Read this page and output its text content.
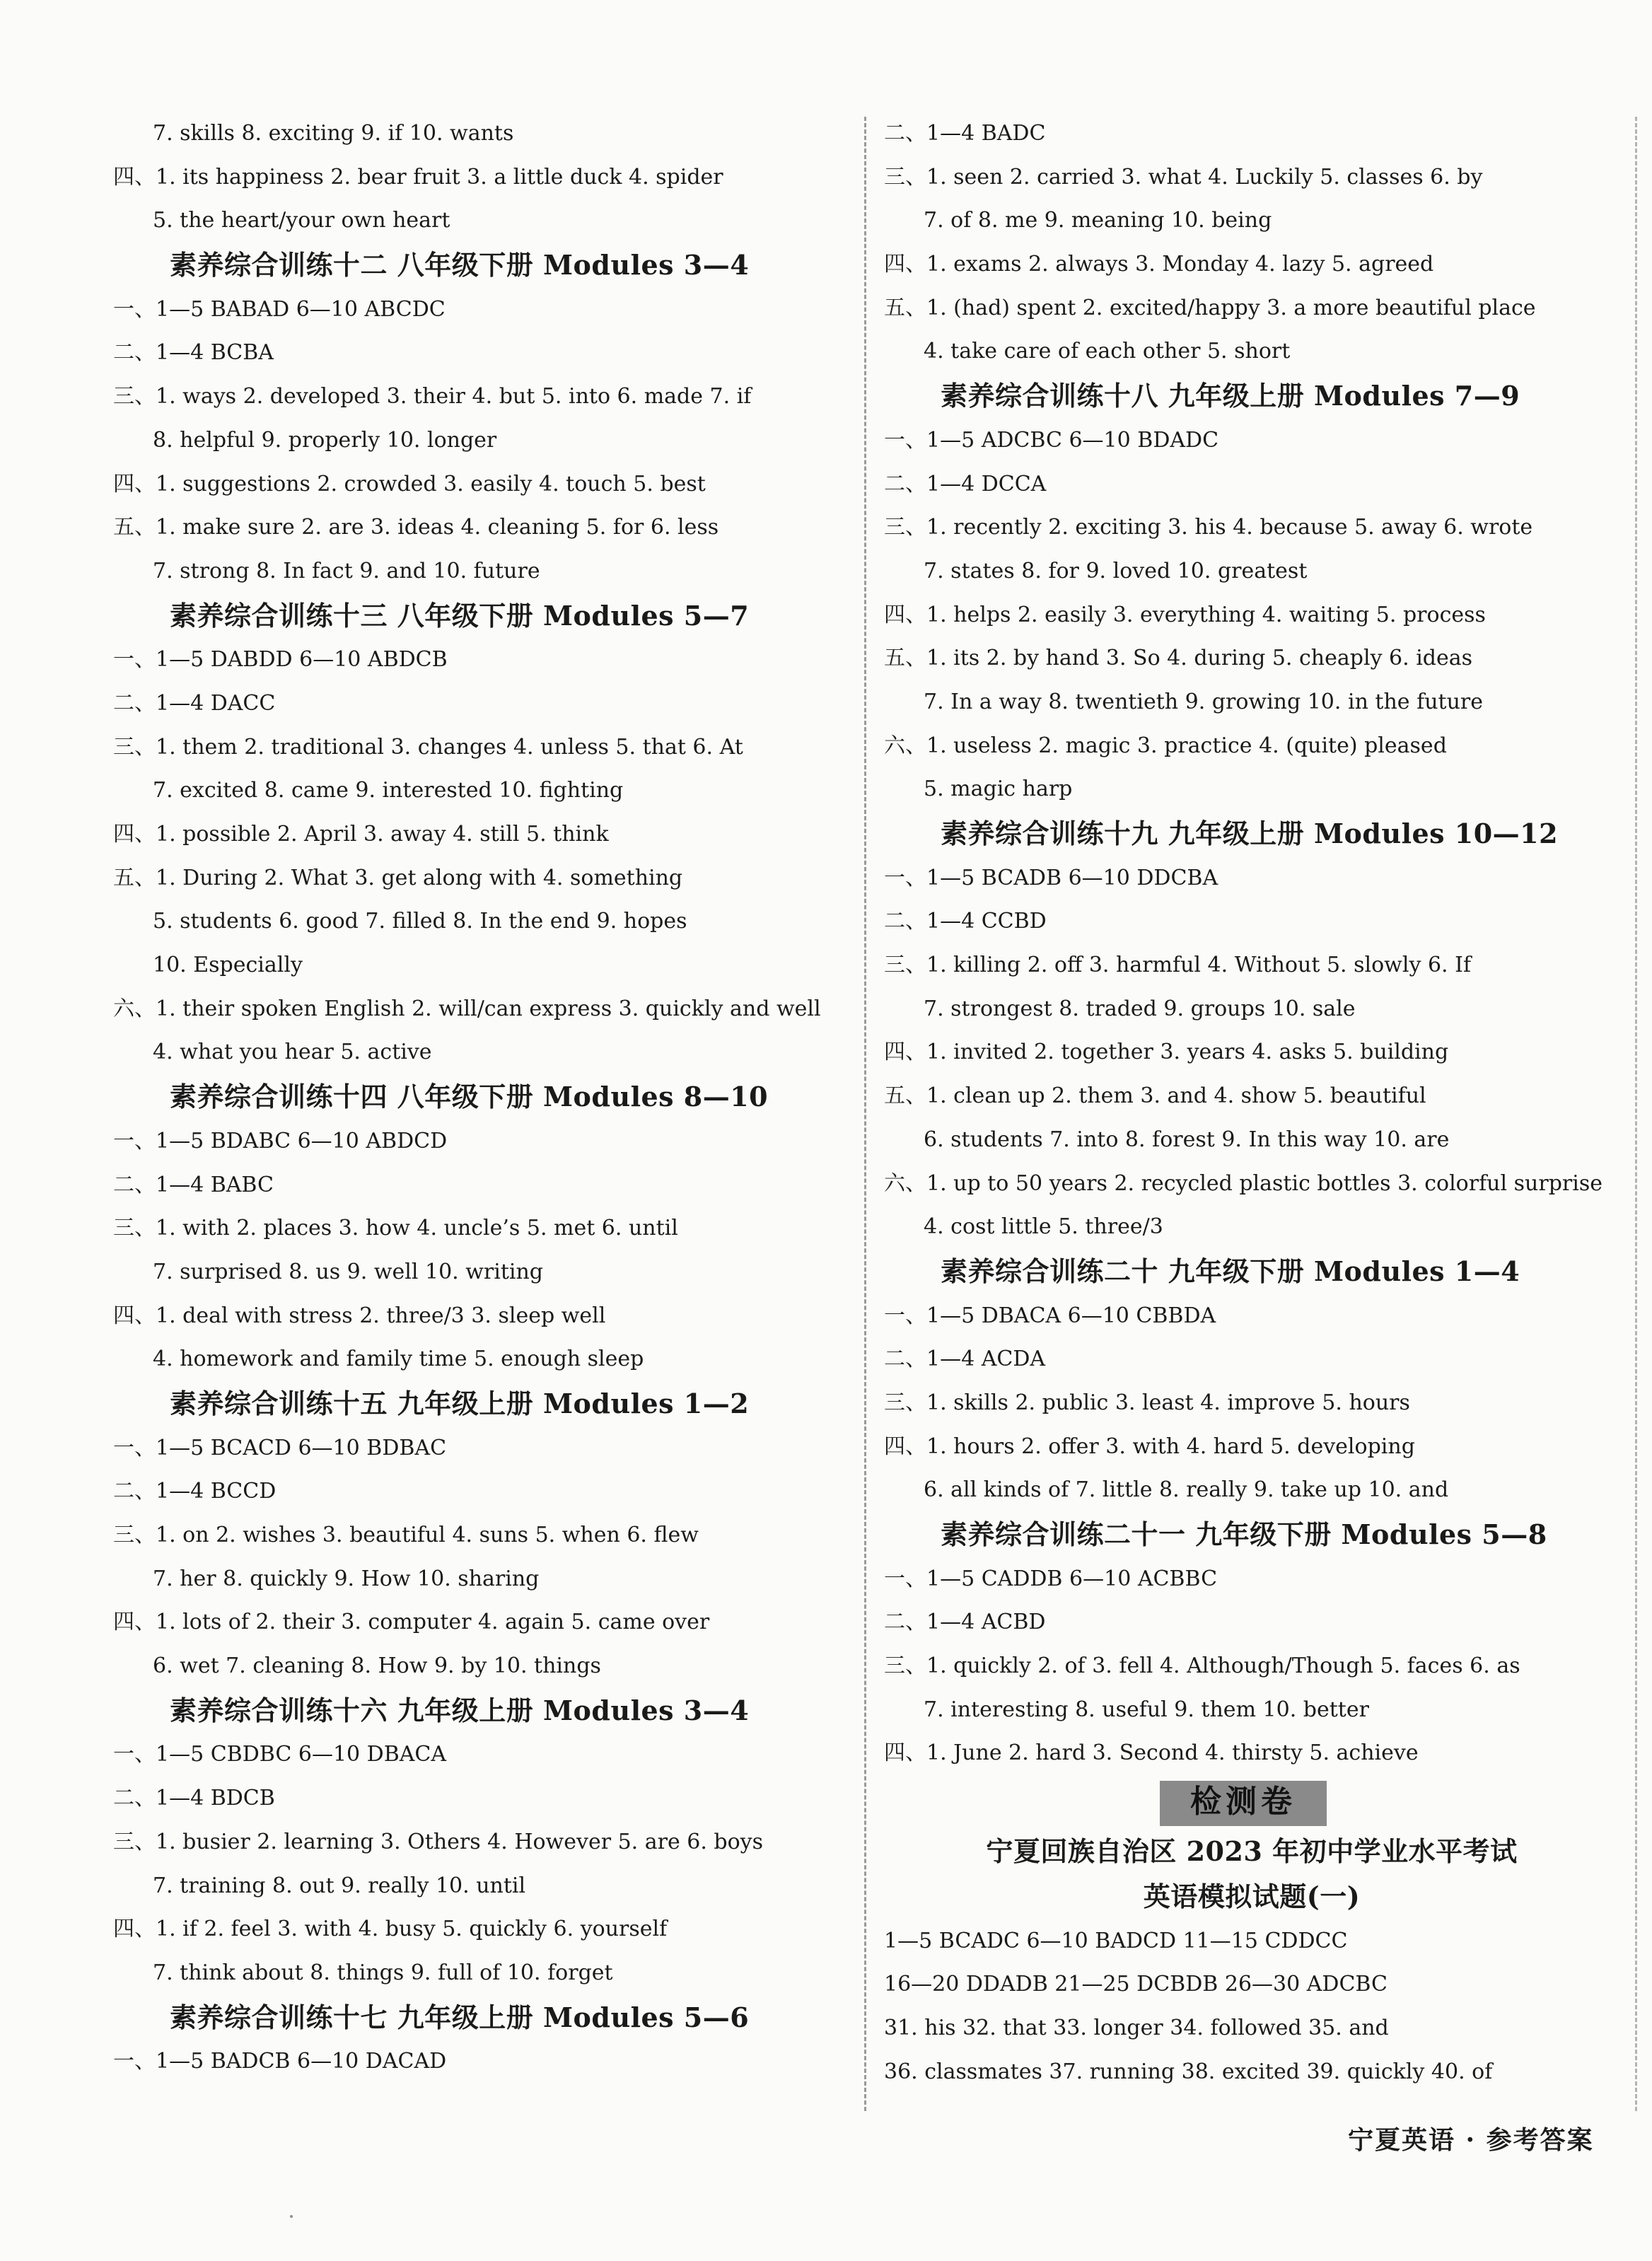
7. skills 8. exciting 9. if 10. wants
四、1. its happiness 2. bear fruit 3. a little duck 4. spider
5. the heart/your own heart
素养综合训练十二 八年级下册 Modules 3—4
一、1—5 BABAD 6—10 ABCDC
二、1—4 BCBA
三、1. ways 2. developed 3. their 4. but 5. into 6. made 7. if
8. helpful 9. properly 10. longer
四、1. suggestions 2. crowded 3. easily 4. touch 5. best
五、1. make sure 2. are 3. ideas 4. cleaning 5. for 6. less
7. strong 8. In fact 9. and 10. future
素养综合训练十三 八年级下册 Modules 5—7
一、1—5 DABDD 6—10 ABDCB
二、1—4 DACC
三、1. them 2. traditional 3. changes 4. unless 5. that 6. At
7. excited 8. came 9. interested 10. fighting
四、1. possible 2. April 3. away 4. still 5. think
五、1. During 2. What 3. get along with 4. something
5. students 6. good 7. filled 8. In the end 9. hopes
10. Especially
六、1. their spoken English 2. will/can express 3. quickly and well
4. what you hear 5. active
素养综合训练十四 八年级下册 Modules 8—10
一、1—5 BDABC 6—10 ABDCD
二、1—4 BABC
三、1. with 2. places 3. how 4. uncle’s 5. met 6. until
7. surprised 8. us 9. well 10. writing
四、1. deal with stress 2. three/3 3. sleep well
4. homework and family time 5. enough sleep
素养综合训练十五 九年级上册 Modules 1—2
一、1—5 BCACD 6—10 BDBAC
二、1—4 BCCD
三、1. on 2. wishes 3. beautiful 4. suns 5. when 6. flew
7. her 8. quickly 9. How 10. sharing
四、1. lots of 2. their 3. computer 4. again 5. came over
6. wet 7. cleaning 8. How 9. by 10. things
素养综合训练十六 九年级上册 Modules 3—4
一、1—5 CBDBC 6—10 DBACA
二、1—4 BDCB
三、1. busier 2. learning 3. Others 4. However 5. are 6. boys
7. training 8. out 9. really 10. until
四、1. if 2. feel 3. with 4. busy 5. quickly 6. yourself
7. think about 8. things 9. full of 10. forget
素养综合训练十七 九年级上册 Modules 5—6
一、1—5 BADCB 6—10 DACAD
二、1—4 BADC
三、1. seen 2. carried 3. what 4. Luckily 5. classes 6. by
7. of 8. me 9. meaning 10. being
四、1. exams 2. always 3. Monday 4. lazy 5. agreed
五、1. (had) spent 2. excited/happy 3. a more beautiful place
4. take care of each other 5. short
素养综合训练十八 九年级上册 Modules 7—9
一、1—5 ADCBC 6—10 BDADC
二、1—4 DCCA
三、1. recently 2. exciting 3. his 4. because 5. away 6. wrote
7. states 8. for 9. loved 10. greatest
四、1. helps 2. easily 3. everything 4. waiting 5. process
五、1. its 2. by hand 3. So 4. during 5. cheaply 6. ideas
7. In a way 8. twentieth 9. growing 10. in the future
六、1. useless 2. magic 3. practice 4. (quite) pleased
5. magic harp
素养综合训练十九 九年级上册 Modules 10—12
一、1—5 BCADB 6—10 DDCBA
二、1—4 CCBD
三、1. killing 2. off 3. harmful 4. Without 5. slowly 6. If
7. strongest 8. traded 9. groups 10. sale
四、1. invited 2. together 3. years 4. asks 5. building
五、1. clean up 2. them 3. and 4. show 5. beautiful
6. students 7. into 8. forest 9. In this way 10. are
六、1. up to 50 years 2. recycled plastic bottles 3. colorful surprise
4. cost little 5. three/3
素养综合训练二十 九年级下册 Modules 1—4
一、1—5 DBACA 6—10 CBBDA
二、1—4 ACDA
三、1. skills 2. public 3. least 4. improve 5. hours
四、1. hours 2. offer 3. with 4. hard 5. developing
6. all kinds of 7. little 8. really 9. take up 10. and
素养综合训练二十一 九年级下册 Modules 5—8
一、1—5 CADDB 6—10 ACBBC
二、1—4 ACBD
三、1. quickly 2. of 3. fell 4. Although/Though 5. faces 6. as
7. interesting 8. useful 9. them 10. better
四、1. June 2. hard 3. Second 4. thirsty 5. achieve
检测卷
宁夏回族自治区 2023 年初中学业水平考试
英语模拟试题(一)
1—5 BCADC 6—10 BADCD 11—15 CDDCC
16—20 DDADB 21—25 DCBDB 26—30 ADCBC
31. his 32. that 33. longer 34. followed 35. and
36. classmates 37. running 38. excited 39. quickly 40. of
宁夏英语 · 参考答案
